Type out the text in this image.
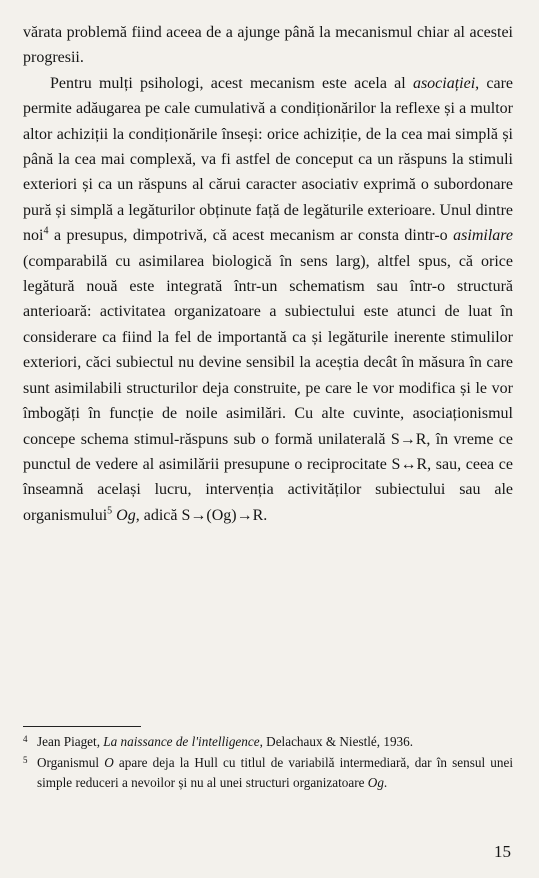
vărata problemă fiind aceea de a ajunge până la mecanismul chiar al acestei progresii.

Pentru mulți psihologi, acest mecanism este acela al asociației, care permite adăugarea pe cale cumulativă a condiționărilor la reflexe și a multor altor achiziții la condiționările înseși: orice achiziție, de la cea mai simplă și până la cea mai complexă, va fi astfel de conceput ca un răspuns la stimuli exteriori și ca un răspuns al cărui caracter asociativ exprimă o subordonare pură și simplă a legăturilor obținute față de legăturile exterioare. Unul dintre noi$^4$ a presupus, dimpotrivă, că acest mecanism ar consta dintr-o asimilare (comparabilă cu asimilarea biologică în sens larg), altfel spus, că orice legătură nouă este integrată într-un schematism sau într-o structură anterioară: activitatea organizatoare a subiectului este atunci de luat în considerare ca fiind la fel de importantă ca și legăturile inerente stimulilor exteriori, căci subiectul nu devine sensibil la aceștia decât în măsura în care sunt asimilabili structurilor deja construite, pe care le vor modifica și le vor îmbogăți în funcție de noile asimilări. Cu alte cuvinte, asociaționismul concepe schema stimul-răspuns sub o formă unilaterală S→R, în vreme ce punctul de vedere al asimilării presupune o reciprocitate S↔R, sau, ceea ce înseamnă același lucru, intervenția activităților subiectului sau ale organismului$^5$ Og, adică S→(Og)→R.

4 Jean Piaget, La naissance de l'intelligence, Delachaux & Niestlé, 1936.
5 Organismul O apare deja la Hull cu titlul de variabilă intermediară, dar în sensul unei simple reduceri a nevoilor și nu al unei structuri organizatoare Og.
15
